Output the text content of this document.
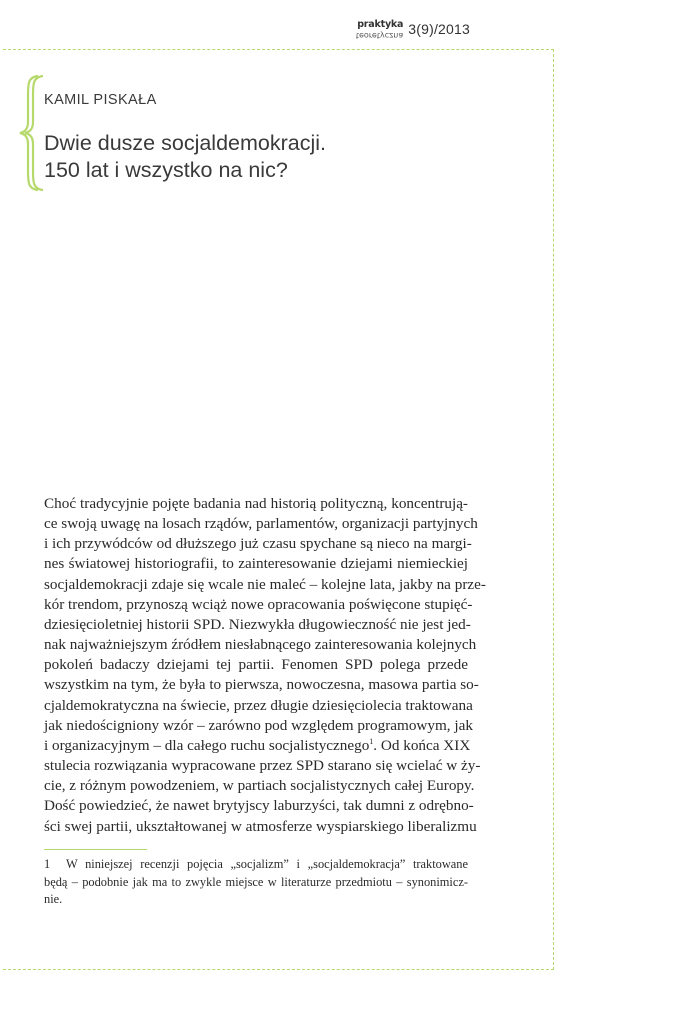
praktyka
teoretyczna 3(9)/2013
KAMIL PISKAŁA
Dwie dusze socjaldemokracji.
150 lat i wszystko na nic?
Choć tradycyjnie pojęte badania nad historią polityczną, koncentrują-
ce swoją uwagę na losach rządów, parlamentów, organizacji partyjnych
i ich przywódców od dłuższego już czasu spychane są nieco na margi-
nes światowej historiografii, to zainteresowanie dziejami niemieckiej
socjaldemokracji zdaje się wcale nie maleć – kolejne lata, jakby na prze-
kór trendom, przynoszą wciąż nowe opracowania poświęcone stupięć-
dziesięcioletniej historii SPD. Niezwykła długowieczność nie jest jed-
nak najważniejszym źródłem niesłabnącego zainteresowania kolejnych
pokoleń badaczy dziejami tej partii. Fenomen SPD polega przede
wszystkim na tym, że była to pierwsza, nowoczesna, masowa partia so-
cjaldemokratyczna na świecie, przez długie dziesięciolecia traktowana
jak niedościgniony wzór – zarówno pod względem programowym, jak
i organizacyjnym – dla całego ruchu socjalistycznego$^1$. Od końca XIX
stulecia rozwiązania wypracowane przez SPD starano się wcielać w ży-
cie, z różnym powodzeniem, w partiach socjalistycznych całej Europy.
Dość powiedzieć, że nawet brytyjscy laburzyści, tak dumni z odrębno-
ści swej partii, ukształtowanej w atmosferze wyspiarskiego liberalizmu
1 W niniejszej recenzji pojęcia „socjalizm” i „socjaldemokracja” traktowane
będą – podobnie jak ma to zwykle miejsce w literaturze przedmiotu – synonimicz-
nie.
